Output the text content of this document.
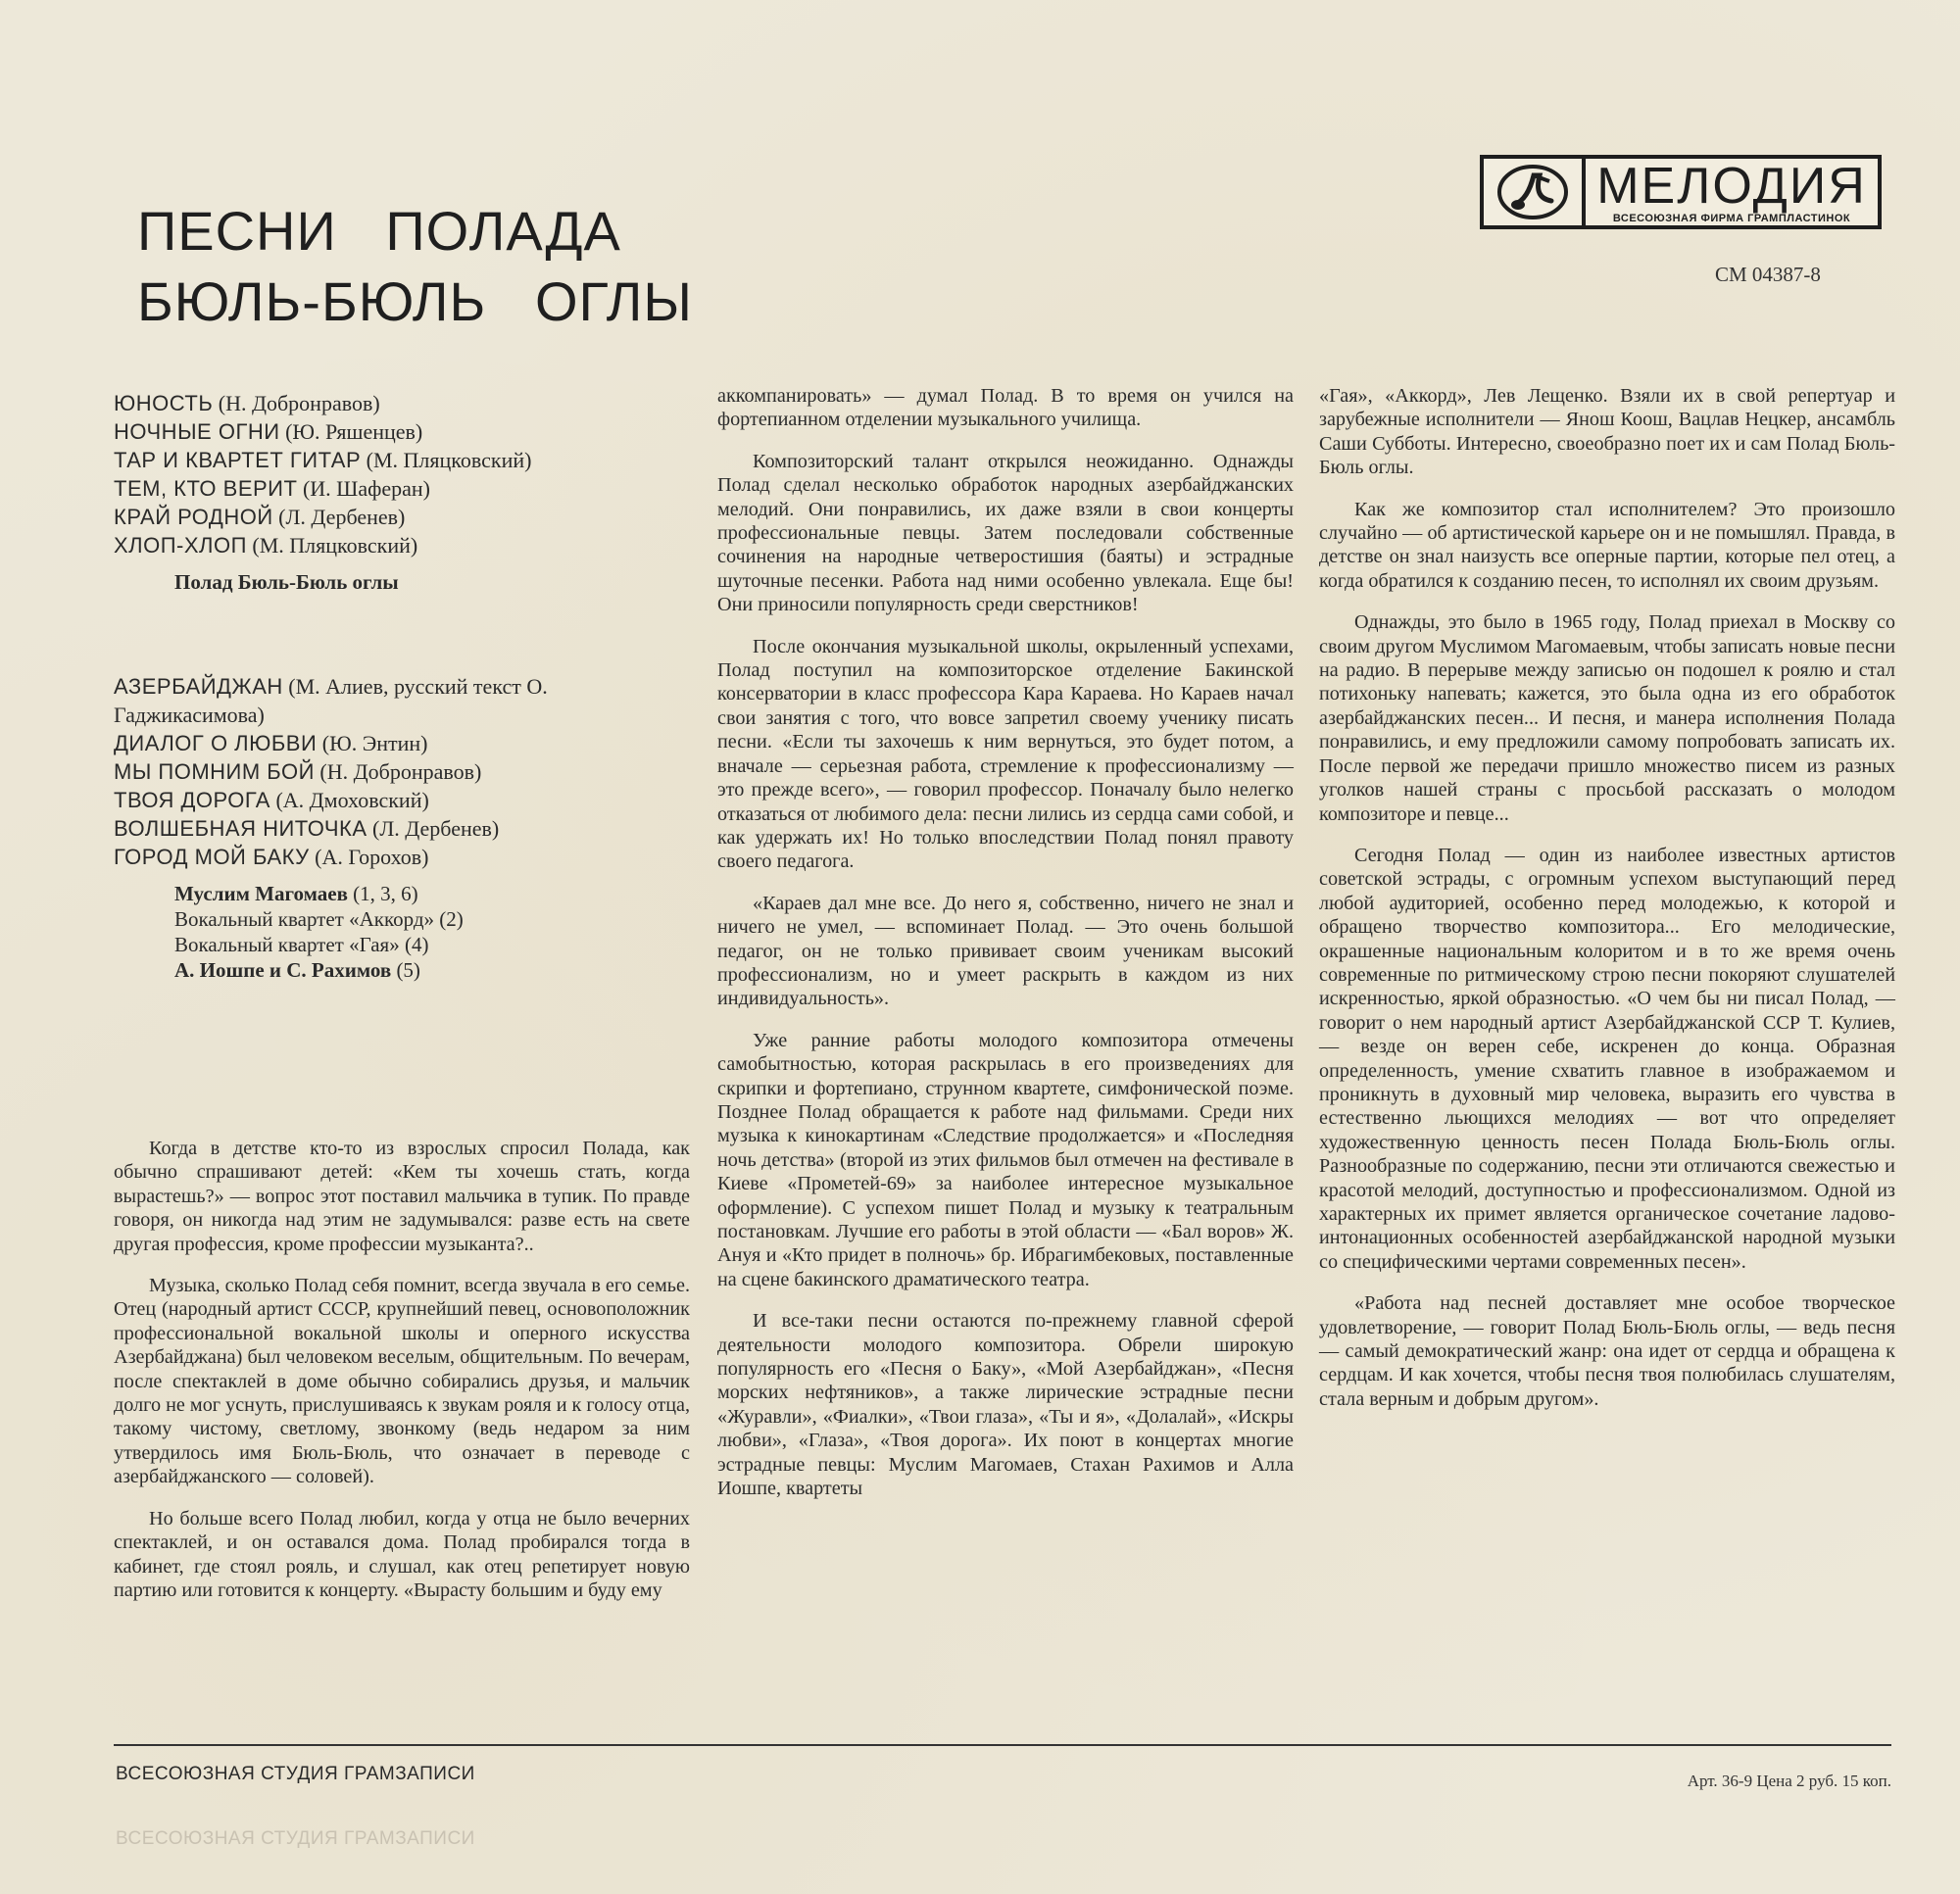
МЕЛОДИЯ
ВСЕСОЮЗНАЯ ФИРМА ГРАМПЛАСТИНОК
СМ 04387-8
ПЕСНИ   ПОЛАДА
БЮЛЬ-БЮЛЬ   ОГЛЫ
ЮНОСТЬ (Н. Добронравов)
НОЧНЫЕ ОГНИ (Ю. Ряшенцев)
ТАР И КВАРТЕТ ГИТАР (М. Пляцковский)
ТЕМ, КТО ВЕРИТ (И. Шаферан)
КРАЙ РОДНОЙ (Л. Дербенев)
ХЛОП-ХЛОП (М. Пляцковский)
Полад Бюль-Бюль оглы
АЗЕРБАЙДЖАН (М. Алиев, русский текст О. Гаджикасимова)
ДИАЛОГ О ЛЮБВИ (Ю. Энтин)
МЫ ПОМНИМ БОЙ (Н. Добронравов)
ТВОЯ ДОРОГА (А. Дмоховский)
ВОЛШЕБНАЯ НИТОЧКА (Л. Дербенев)
ГОРОД МОЙ БАКУ (А. Горохов)
Муслим Магомаев (1, 3, 6)
Вокальный квартет «Аккорд» (2)
Вокальный квартет «Гая» (4)
А. Иошпе и С. Рахимов (5)

Когда в детстве кто-то из взрослых спросил Полада, как обычно спрашивают детей: «Кем ты хочешь стать, когда вырастешь?» — вопрос этот поставил мальчика в тупик. По правде говоря, он никогда над этим не задумывался: разве есть на свете другая профессия, кроме профессии музыканта?..

Музыка, сколько Полад себя помнит, всегда звучала в его семье. Отец (народный артист СССР, крупнейший певец, основоположник профессиональной вокальной школы и оперного искусства Азербайджана) был человеком веселым, общительным. По вечерам, после спектаклей в доме обычно собирались друзья, и мальчик долго не мог уснуть, прислушиваясь к звукам рояля и к голосу отца, такому чистому, светлому, звонкому (ведь недаром за ним утвердилось имя Бюль-Бюль, что означает в переводе с азербайджанского — соловей).

Но больше всего Полад любил, когда у отца не было вечерних спектаклей, и он оставался дома. Полад пробирался тогда в кабинет, где стоял рояль, и слушал, как отец репетирует новую партию или готовится к концерту. «Вырасту большим и буду ему

аккомпанировать» — думал Полад. В то время он учился на фортепианном отделении музыкального училища.

Композиторский талант открылся неожиданно. Однажды Полад сделал несколько обработок народных азербайджанских мелодий. Они понравились, их даже взяли в свои концерты профессиональные певцы. Затем последовали собственные сочинения на народные четверостишия (баяты) и эстрадные шуточные песенки. Работа над ними особенно увлекала. Еще бы! Они приносили популярность среди сверстников!

После окончания музыкальной школы, окрыленный успехами, Полад поступил на композиторское отделение Бакинской консерватории в класс профессора Кара Караева. Но Караев начал свои занятия с того, что вовсе запретил своему ученику писать песни. «Если ты захочешь к ним вернуться, это будет потом, а вначале — серьезная работа, стремление к профессионализму — это прежде всего», — говорил профессор. Поначалу было нелегко отказаться от любимого дела: песни лились из сердца сами собой, и как удержать их! Но только впоследствии Полад понял правоту своего педагога.

«Караев дал мне все. До него я, собственно, ничего не знал и ничего не умел, — вспоминает Полад. — Это очень большой педагог, он не только прививает своим ученикам высокий профессионализм, но и умеет раскрыть в каждом из них индивидуальность».

Уже ранние работы молодого композитора отмечены самобытностью, которая раскрылась в его произведениях для скрипки и фортепиано, струнном квартете, симфонической поэме. Позднее Полад обращается к работе над фильмами. Среди них музыка к кинокартинам «Следствие продолжается» и «Последняя ночь детства» (второй из этих фильмов был отмечен на фестивале в Киеве «Прометей-69» за наиболее интересное музыкальное оформление). С успехом пишет Полад и музыку к театральным постановкам. Лучшие его работы в этой области — «Бал воров» Ж. Ануя и «Кто придет в полночь» бр. Ибрагимбековых, поставленные на сцене бакинского драматического театра.

И все-таки песни остаются по-прежнему главной сферой деятельности молодого композитора. Обрели широкую популярность его «Песня о Баку», «Мой Азербайджан», «Песня морских нефтяников», а также лирические эстрадные песни «Журавли», «Фиалки», «Твои глаза», «Ты и я», «Долалай», «Искры любви», «Глаза», «Твоя дорога». Их поют в концертах многие эстрадные певцы: Муслим Магомаев, Стахан Рахимов и Алла Иошпе, квартеты

«Гая», «Аккорд», Лев Лещенко. Взяли их в свой репертуар и зарубежные исполнители — Янош Коош, Вацлав Нецкер, ансамбль Саши Субботы. Интересно, своеобразно поет их и сам Полад Бюль-Бюль оглы.

Как же композитор стал исполнителем? Это произошло случайно — об артистической карьере он и не помышлял. Правда, в детстве он знал наизусть все оперные партии, которые пел отец, а когда обратился к созданию песен, то исполнял их своим друзьям.

Однажды, это было в 1965 году, Полад приехал в Москву со своим другом Муслимом Магомаевым, чтобы записать новые песни на радио. В перерыве между записью он подошел к роялю и стал потихоньку напевать; кажется, это была одна из его обработок азербайджанских песен... И песня, и манера исполнения Полада понравились, и ему предложили самому попробовать записать их. После первой же передачи пришло множество писем из разных уголков нашей страны с просьбой рассказать о молодом композиторе и певце...

Сегодня Полад — один из наиболее известных артистов советской эстрады, с огромным успехом выступающий перед любой аудиторией, особенно перед молодежью, к которой и обращено творчество композитора... Его мелодические, окрашенные национальным колоритом и в то же время очень современные по ритмическому строю песни покоряют слушателей искренностью, яркой образностью. «О чем бы ни писал Полад, — говорит о нем народный артист Азербайджанской ССР Т. Кулиев, — везде он верен себе, искренен до конца. Образная определенность, умение схватить главное в изображаемом и проникнуть в духовный мир человека, выразить его чувства в естественно льющихся мелодиях — вот что определяет художественную ценность песен Полада Бюль-Бюль оглы. Разнообразные по содержанию, песни эти отличаются свежестью и красотой мелодий, доступностью и профессионализмом. Одной из характерных их примет является органическое сочетание ладово-интонационных особенностей азербайджанской народной музыки со специфическими чертами современных песен».

«Работа над песней доставляет мне особое творческое удовлетворение, — говорит Полад Бюль-Бюль оглы, — ведь песня — самый демократический жанр: она идет от сердца и обращена к сердцам. И как хочется, чтобы песня твоя полюбилась слушателям, стала верным и добрым другом».

ВСЕСОЮЗНАЯ СТУДИЯ ГРАМЗАПИСИ	Арт. 36-9 Цена 2 руб. 15 коп.
ВСЕСОЮЗНАЯ СТУДИЯ ГРАМЗАПИСИ
